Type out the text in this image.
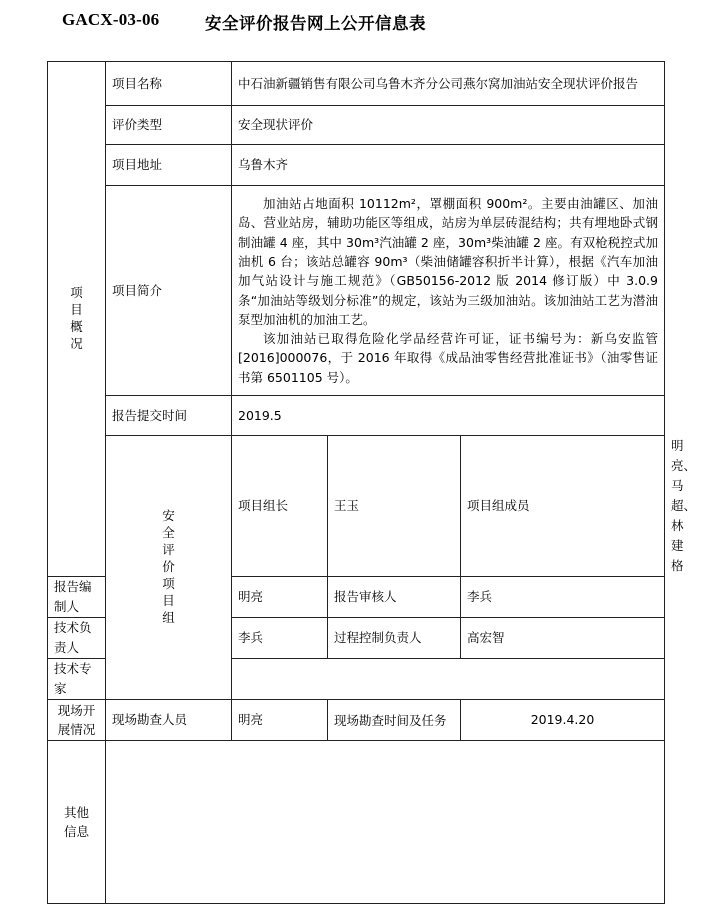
GACX-03-06	安全评价报告网上公开信息表
项目概况	项目名称	中石油新疆销售有限公司乌鲁木齐分公司燕尔窝加油站安全现状评价报告			
	评价类型	安全现状评价			
	项目地址	乌鲁木齐			
	项目简介	加油站占地面积 10112m²，罩棚面积 900m²。主要由油罐区、加油岛、营业站房，辅助功能区等组成，站房为单层砖混结构；共有埋地卧式钢制油罐 4 座，其中 30m³汽油罐 2 座，30m³柴油罐 2 座。有双枪税控式加油机 6 台；该站总罐容 90m³（柴油储罐容积折半计算），根据《汽车加油加气站设计与施工规范》（GB50156-2012 版 2014 修订版）中 3.0.9 条“加油站等级划分标准”的规定，该站为三级加油站。该加油站工艺为潜油泵型加油机的加油工艺。
该加油站已取得危险化学品经营许可证，证书编号为：新乌安监管[2016]000076，于 2016 年取得《成品油零售经营批准证书》（油零售证书第 6501105 号）。			

	报告提交时间	2019.5			
	安全评价项目组	项目组长	王玉	项目组成员	明亮、马超、林建格
报告编制人		明亮	报告审核人	李兵	
技术负责人		李兵	过程控制负责人	高宏智	
技术专家					
现场开展情况	现场勘查人员	明亮	现场勘查时间及任务	2019.4.20	
其他信息					
